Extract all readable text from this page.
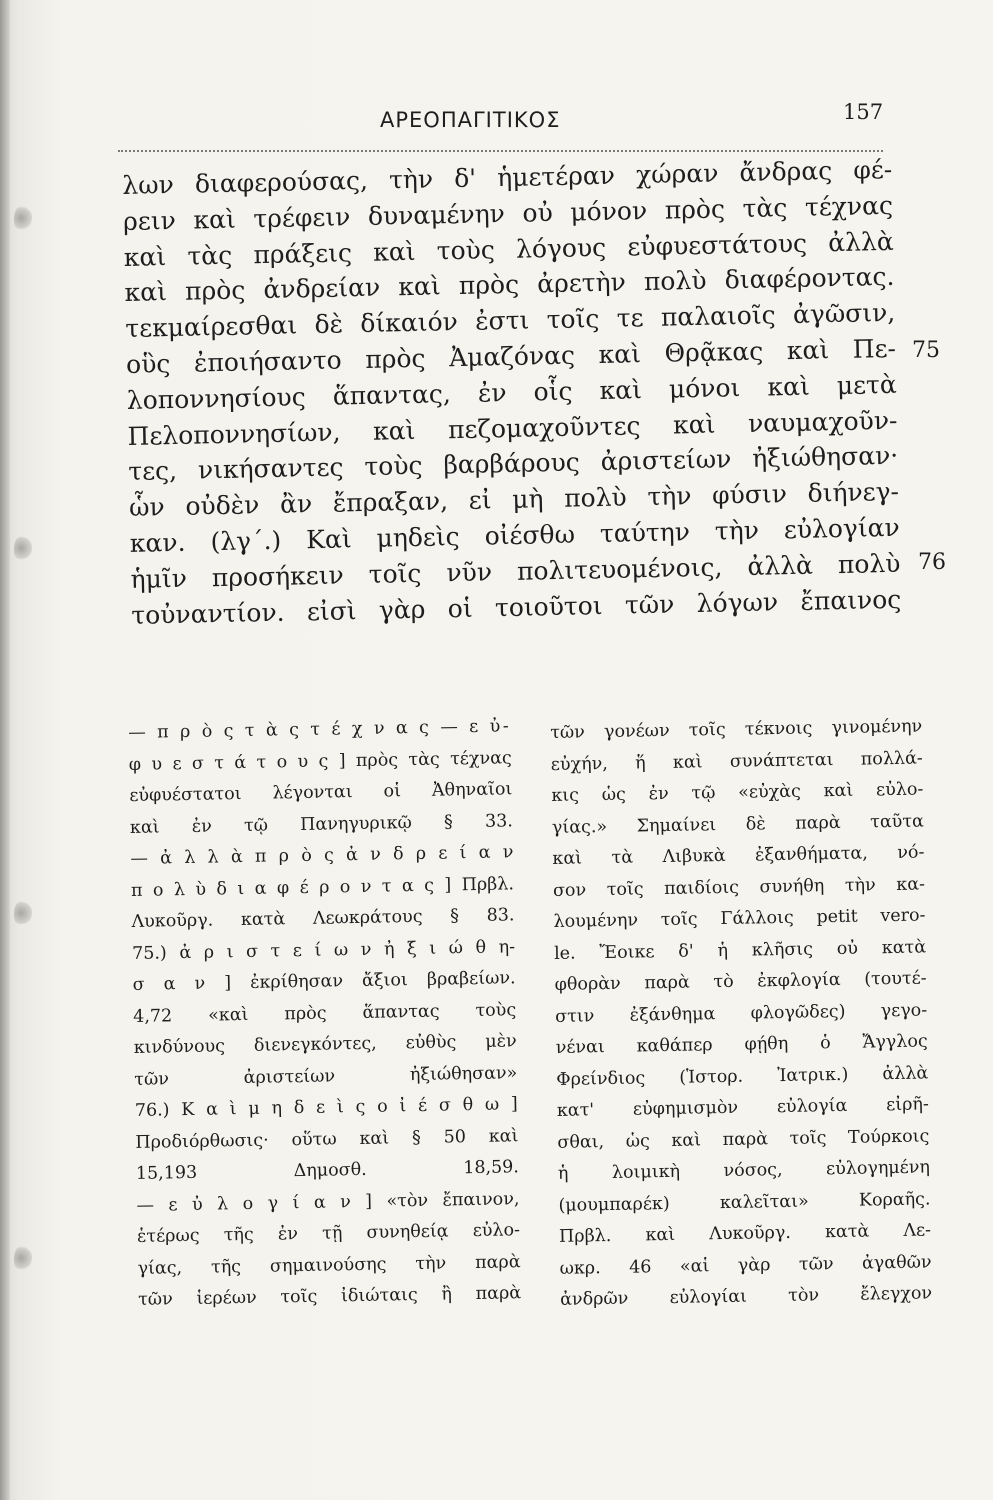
ΑΡΕΟΠΑΓΙΤΙΚΟΣ	157
λων διαφερούσας, τὴν δ' ἡμετέραν χώραν ἄνδρας φέ-
ρειν καὶ τρέφειν δυναμένην οὐ μόνον πρὸς τὰς τέχνας
καὶ τὰς πράξεις καὶ τοὺς λόγους εὐφυεστάτους ἀλλὰ
καὶ πρὸς ἀνδρείαν καὶ πρὸς ἀρετὴν πολὺ διαφέροντας.
τεκμαίρεσθαι δὲ δίκαιόν ἐστι τοῖς τε παλαιοῖς ἀγῶσιν,
οὓς ἐποιήσαντο πρὸς Ἀμαζόνας καὶ Θρᾷκας καὶ Πε-
λοποννησίους ἅπαντας, ἐν οἷς καὶ μόνοι καὶ μετὰ
Πελοποννησίων, καὶ πεζομαχοῦντες καὶ ναυμαχοῦν-
τες, νικήσαντες τοὺς βαρβάρους ἀριστείων ἠξιώθησαν·
ὧν οὐδὲν ἂν ἔπραξαν, εἰ μὴ πολὺ τὴν φύσιν διήνεγ-
καν. (λγ΄.) Καὶ μηδεὶς οἰέσθω ταύτην τὴν εὐλογίαν
ἡμῖν προσήκειν τοῖς νῦν πολιτευομένοις, ἀλλὰ πολὺ
τοὐναντίον. εἰσὶ γὰρ οἱ τοιοῦτοι τῶν λόγων ἔπαινος
75
76
— π ρ ὸ ς τ ὰ ς τ έ χ ν α ς — ε ὐ-
φ υ ε σ τ ά τ ο υ ς ] πρὸς τὰς τέχνας
εὐφυέστατοι λέγονται οἱ Ἀθηναῖοι
καὶ ἐν τῷ Πανηγυρικῷ § 33.
— ἀ λ λ ὰ π ρ ὸ ς ἀ ν δ ρ ε ί α ν
π ο λ ὺ δ ι α φ έ ρ ο ν τ α ς ] Πρβλ.
Λυκοῦργ. κατὰ Λεωκράτους § 83.
75.) ἀ ρ ι σ τ ε ί ω ν ἠ ξ ι ώ θ η-
σ α ν ] ἐκρίθησαν ἄξιοι βραβείων.
4,72 «καὶ πρὸς ἅπαντας τοὺς
κινδύνους διενεγκόντες, εὐθὺς μὲν
τῶν ἀριστείων ἠξιώθησαν»
76.) Κ α ὶ μ η δ ε ὶ ς ο ἰ έ σ θ ω ]
Προδιόρθωσις· οὕτω καὶ § 50 καὶ
15,193 Δημοσθ. 18,59.
— ε ὐ λ ο γ ί α ν ] «τὸν ἔπαινον,
ἑτέρως τῆς ἐν τῇ συνηθείᾳ εὐλο-
γίας, τῆς σημαινούσης τὴν παρὰ
τῶν ἱερέων τοῖς ἰδιώταις ἢ παρὰ
τῶν γονέων τοῖς τέκνοις γινομένην
εὐχήν, ἥ καὶ συνάπτεται πολλά-
κις ὡς ἐν τῷ «εὐχὰς καὶ εὐλο-
γίας.» Σημαίνει δὲ παρὰ ταῦτα
καὶ τὰ Λιβυκὰ ἐξανθήματα, νό-
σον τοῖς παιδίοις συνήθη τὴν κα-
λουμένην τοῖς Γάλλοις petit vero-
le. Ἔοικε δ' ἡ κλῆσις οὐ κατὰ
φθορὰν παρὰ τὸ ἐκφλογία (τουτέ-
στιν ἐξάνθημα φλογῶδες) γεγο-
νέναι καθάπερ φῄθη ὁ Ἄγγλος
Φρείνδιος (Ἱστορ. Ἰατρικ.) ἀλλὰ
κατ' εὐφημισμὸν εὐλογία εἰρῆ-
σθαι, ὡς καὶ παρὰ τοῖς Τούρκοις
ἡ λοιμικὴ νόσος, εὐλογημένη
(μουμπαρέκ) καλεῖται» Κοραῆς.
Πρβλ. καὶ Λυκοῦργ. κατὰ Λε-
ωκρ. 46 «αἱ γὰρ τῶν ἀγαθῶν
ἀνδρῶν εὐλογίαι τὸν ἔλεγχον
